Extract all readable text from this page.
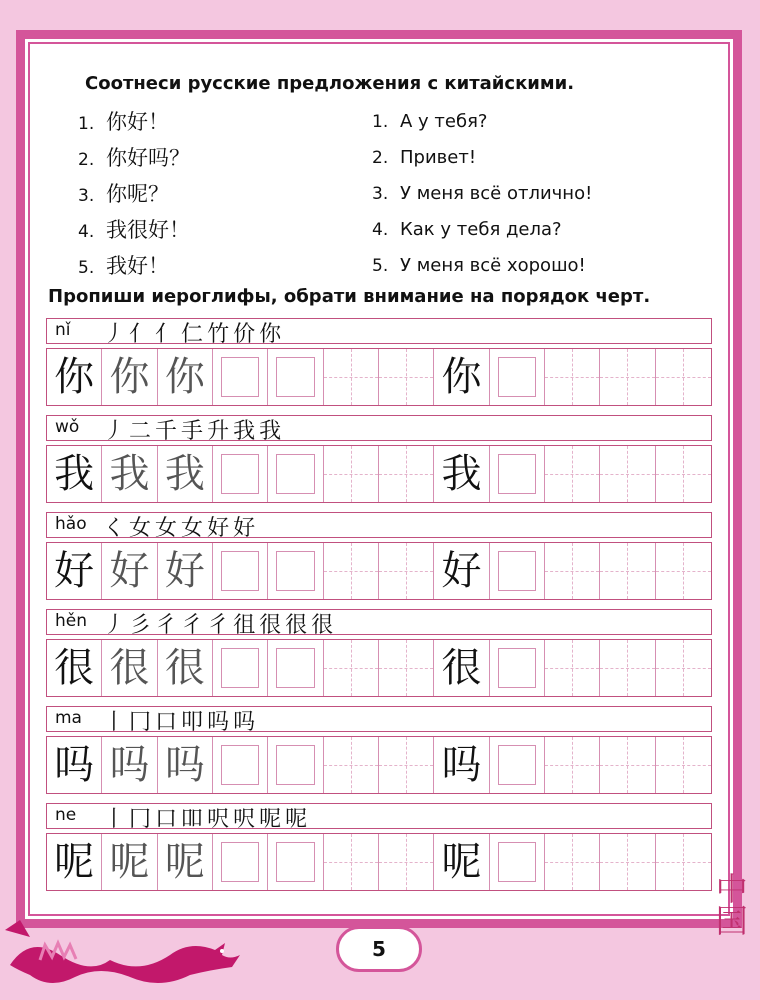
Соотнеси русские предложения с китайскими.
1. 你好！
2. 你好吗？
3. 你呢？
4. 我很好！
5. 我好！
1. А у тебя?
2. Привет!
3. У меня всё отлично!
4. Как у тебя дела?
5. У меня всё хорошо!
Пропиши иероглифы, обрати внимание на порядок черт.
nǐ 丿亻亻仁竹价你
你 你 你	你
wǒ 丿二千手升我我
我 我 我	我
hǎo く女女女好好
好 好 好	好
hěn 丿彡彳彳彳徂很很很
很 很 很	很
ma 丨冂口叩吗吗
吗 吗 吗	吗
ne 丨冂口吅呎呎呢呢
呢 呢 呢	呢
5
中国
